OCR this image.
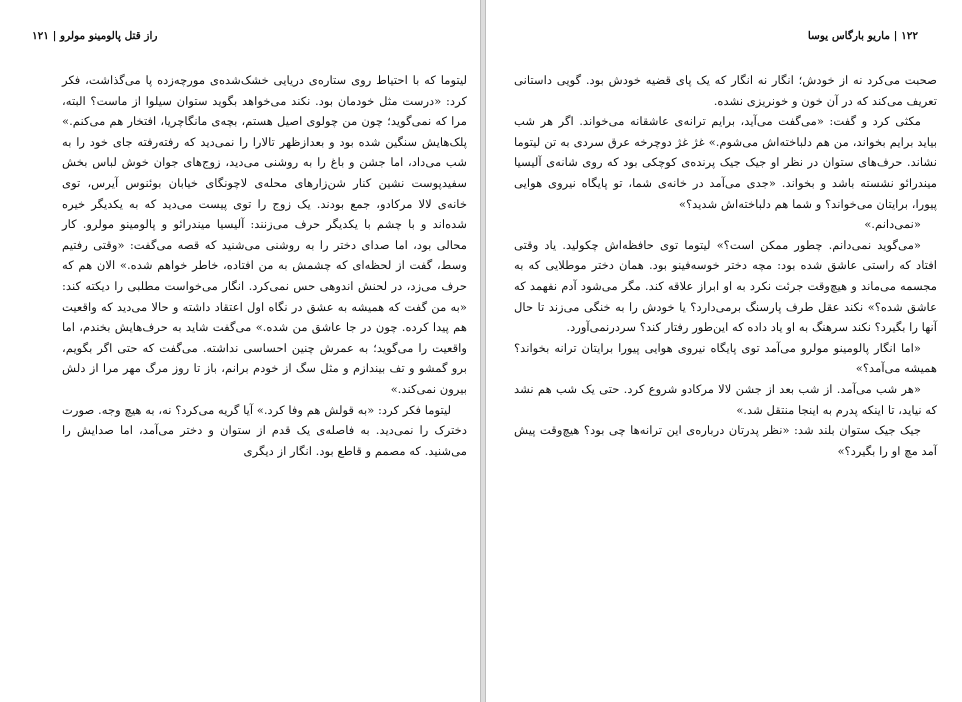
راز قتل پالومینو مولرو | ۱۲۱

لیتوما که با احتیاط روی ستاره‌ی دریایی خشک‌شده‌ی مورچه‌زده پا می‌گذاشت، فکر کرد: «درست مثل خودمان بود. نکند می‌خواهد بگوید ستوان سیلوا از ماست؟ البته، مرا که نمی‌گوید؛ چون من چولوی اصیل هستم، بچه‌ی مانگاچریا، افتخار هم می‌کنم.» پلک‌هایش سنگین شده بود و بعدازظهر تالارا را نمی‌دید که رفته‌رفته جای خود را به شب می‌داد، اما جشن و باغ را به روشنی می‌دید، زوج‌های جوان خوش لباس بخش سفیدپوست نشین کنار شن‌زارهای محله‌ی لاچونگای خیابان بوئنوس آیرس، توی خانه‌ی لالا مرکادو، جمع بودند. یک زوج را توی پیست می‌دید که به یکدیگر خیره شده‌اند و با چشم با یکدیگر حرف می‌زنند: آلیسیا میندرائو و پالومینو مولرو. کار محالی بود، اما صدای دختر را به روشنی می‌شنید که قصه می‌گفت: «وقتی رفتیم وسط، گفت از لحظه‌ای که چشمش به من افتاده، خاطر خواهم شده.» الان هم که حرف می‌زد، در لحنش اندوهی حس نمی‌کرد. انگار می‌خواست مطلبی را دیکته کند: «به من گفت که همیشه به عشق در نگاه اول اعتقاد داشته و حالا می‌دید که واقعیت هم پیدا کرده. چون در جا عاشق من شده.» می‌گفت شاید به حرف‌هایش بخندم، اما واقعیت را می‌گوید؛ به عمرش چنین احساسی نداشته. می‌گفت که حتی اگر بگویم، برو گمشو و تف بیندازم و مثل سگ از خودم برانم، باز تا روز مرگ مهر مرا از دلش بیرون نمی‌کند.»

لیتوما فکر کرد: «به قولش هم وفا کرد.» آیا گریه می‌کرد؟ نه، به هیچ وجه. صورت دخترک را نمی‌دید. به فاصله‌ی یک قدم از ستوان و دختر می‌آمد، اما صدایش را می‌شنید. که مصمم و قاطع بود. انگار از دیگری

۱۲۲ | ماریو بارگاس یوسا

صحبت می‌کرد نه از خودش؛ انگار نه انگار که یک پای قضیه خودش بود. گویی داستانی تعریف می‌کند که در آن خون و خونریزی نشده.

مکثی کرد و گفت: «می‌گفت می‌آید، برایم ترانه‌ی عاشقانه می‌خواند. اگر هر شب بیاید برایم بخواند، من هم دلباخته‌اش می‌شوم.» غژ غژ دوچرخه عرق سردی به تن لیتوما نشاند. حرف‌های ستوان در نظر او جیک جیک پرنده‌ی کوچکی بود که روی شانه‌ی آلیسیا میندرائو نشسته باشد و بخواند. «جدی می‌آمد در خانه‌ی شما، تو پایگاه نیروی هوایی پیورا، برایتان می‌خواند؟ و شما هم دلباخته‌اش شدید؟»

«نمی‌دانم.»

«می‌گوید نمی‌دانم. چطور ممکن است؟» لیتوما توی حافظه‌اش چکولید. یاد وقتی افتاد که راستی عاشق شده بود: مچه دختر خوسه‌فینو بود. همان دختر موطلایی که به مجسمه می‌ماند و هیچ‌وقت جرئت نکرد به او ابراز علاقه کند. مگر می‌شود آدم نفهمد که عاشق شده؟» نکند عقل طرف پارسنگ برمی‌دارد؟ یا خودش را به خنگی می‌زند تا حال آنها را بگیرد؟ نکند سرهنگ به او یاد داده که این‌طور رفتار کند؟ سردرنمی‌آورد.

«اما انگار پالومینو مولرو می‌آمد توی پایگاه نیروی هوایی پیورا برایتان ترانه بخواند؟ همیشه می‌آمد؟»

«هر شب می‌آمد. از شب بعد از جشن لالا مرکادو شروع کرد. حتی یک شب هم نشد که نیاید، تا اینکه پدرم به اینجا منتقل شد.»

جیک جیک ستوان بلند شد: «نظر پدرتان درباره‌ی این ترانه‌ها چی بود؟ هیچ‌وقت پیش آمد مچ او را بگیرد؟»
